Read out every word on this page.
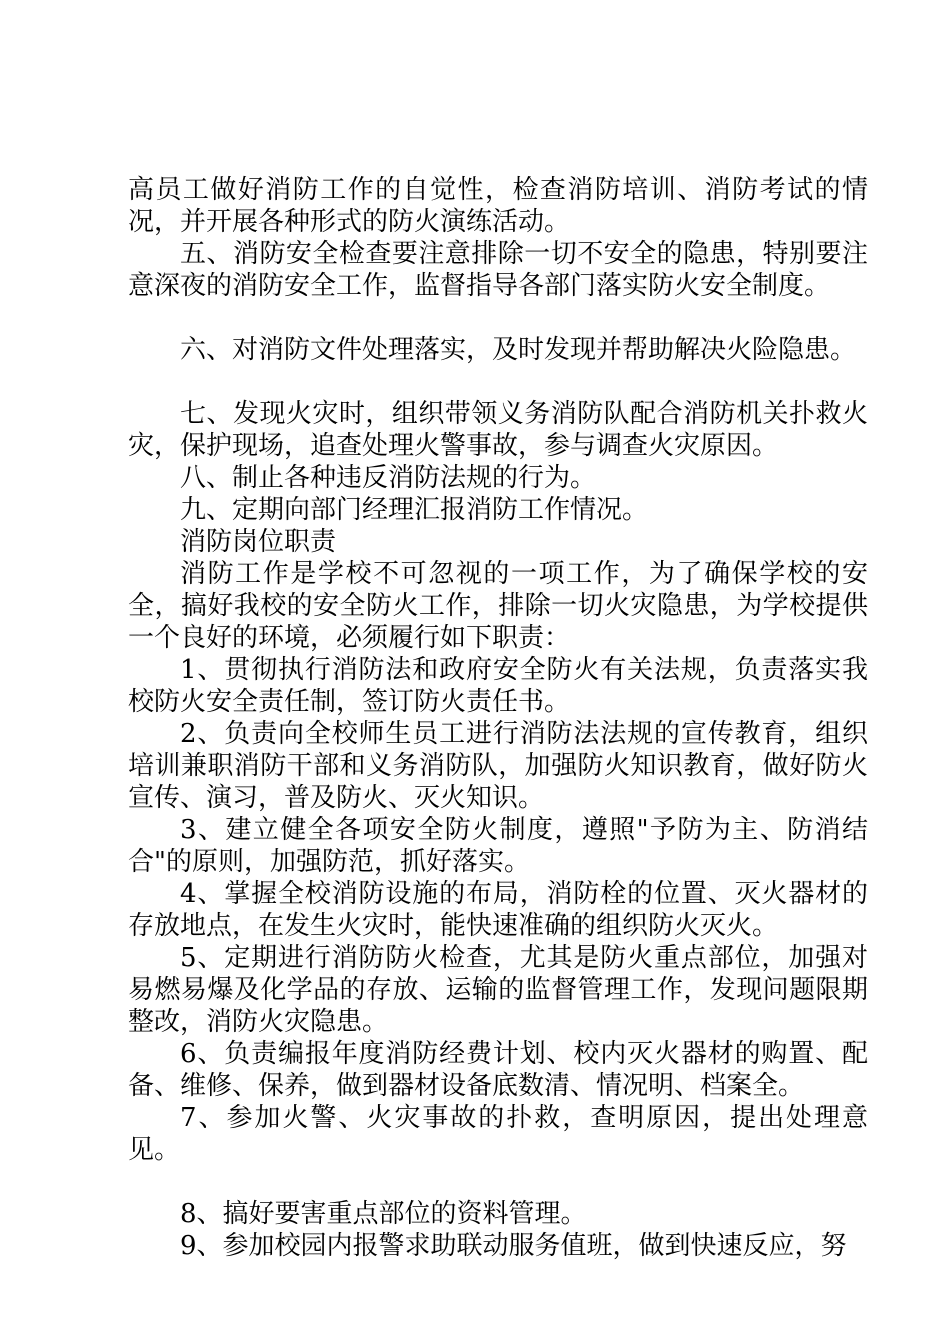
高员工做好消防工作的自觉性，检查消防培训、消防考试的情况，并开展各种形式的防火演练活动。

五、消防安全检查要注意排除一切不安全的隐患，特别要注意深夜的消防安全工作，监督指导各部门落实防火安全制度。

六、对消防文件处理落实，及时发现并帮助解决火险隐患。

七、发现火灾时，组织带领义务消防队配合消防机关扑救火灾，保护现场，追查处理火警事故，参与调查火灾原因。

八、制止各种违反消防法规的行为。

九、定期向部门经理汇报消防工作情况。

消防岗位职责

消防工作是学校不可忽视的一项工作，为了确保学校的安全，搞好我校的安全防火工作，排除一切火灾隐患，为学校提供一个良好的环境，必须履行如下职责：

1、贯彻执行消防法和政府安全防火有关法规，负责落实我校防火安全责任制，签订防火责任书。

2、负责向全校师生员工进行消防法法规的宣传教育，组织培训兼职消防干部和义务消防队，加强防火知识教育，做好防火宣传、演习，普及防火、灭火知识。

3、建立健全各项安全防火制度，遵照"予防为主、防消结合"的原则，加强防范，抓好落实。

4、掌握全校消防设施的布局，消防栓的位置、灭火器材的存放地点，在发生火灾时，能快速准确的组织防火灭火。

5、定期进行消防防火检查，尤其是防火重点部位，加强对易燃易爆及化学品的存放、运输的监督管理工作，发现问题限期整改，消防火灾隐患。

6、负责编报年度消防经费计划、校内灭火器材的购置、配备、维修、保养，做到器材设备底数清、情况明、档案全。

7、参加火警、火灾事故的扑救，查明原因，提出处理意见。

8、搞好要害重点部位的资料管理。

9、参加校园内报警求助联动服务值班，做到快速反应，努
